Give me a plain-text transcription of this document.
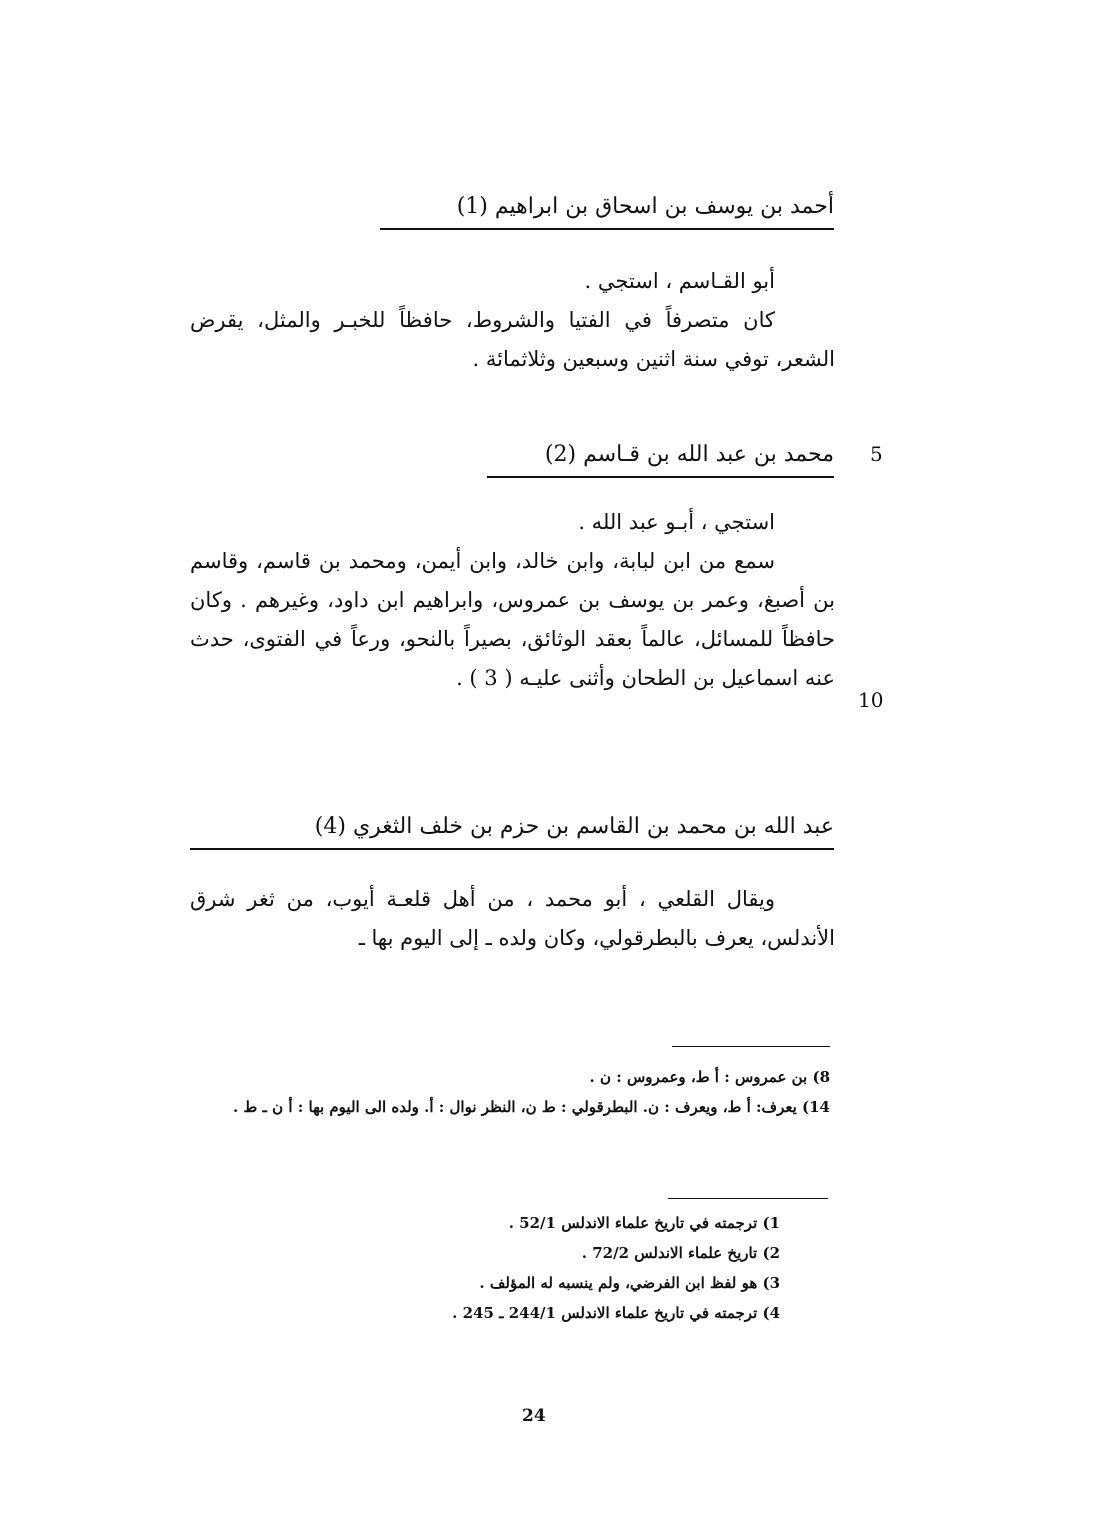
أحمد بن يوسف بن اسحاق بن ابراهيم (1)

أبو القـاسم ، استجي .

كان متصرفاً في الفتيا والشروط، حافظاً للخبـر والمثل، يقرض الشعر، توفي سنة اثنين وسبعين وثلاثمائة .

5
محمد بن عبد الله بن قـاسم (2)

استجي ، أبـو عبد الله .

سمع من ابن لبابة، وابن خالد، وابن أيمن، ومحمد بن قاسم، وقاسم بن أصبغ، وعمر بن يوسف بن عمروس، وابراهيم ابن داود، وغيرهم . وكان حافظاً للمسائل، عالماً بعقد الوثائق، بصيراً بالنحو، ورعاً في الفتوى، حدث عنه اسماعيل بن الطحان وأثنى عليـه ( 3 ) .

10
عبد الله بن محمد بن القاسم بن حزم بن خلف الثغري (4)

ويقال القلعي ، أبو محمد ، من أهل قلعـة أيوب، من ثغر شرق الأندلس، يعرف بالبطرقولي، وكان ولده ـ إلى اليوم بها ـ

8) بن عمروس : أ ط، وعمروس : ن .

14) يعرف: أ ط، ويعرف : ن. البطرقولي : ط ن، النظر نوال : أ. ولده الى اليوم بها : أ ن ـ ط .

1) ترجمته في تاريخ علماء الاندلس 52/1 .

2) تاريخ علماء الاندلس 72/2 .

3) هو لفظ ابن الفرضي، ولم ينسبه له المؤلف .

4) ترجمته في تاريخ علماء الاندلس 244/1 ـ 245 .

24
